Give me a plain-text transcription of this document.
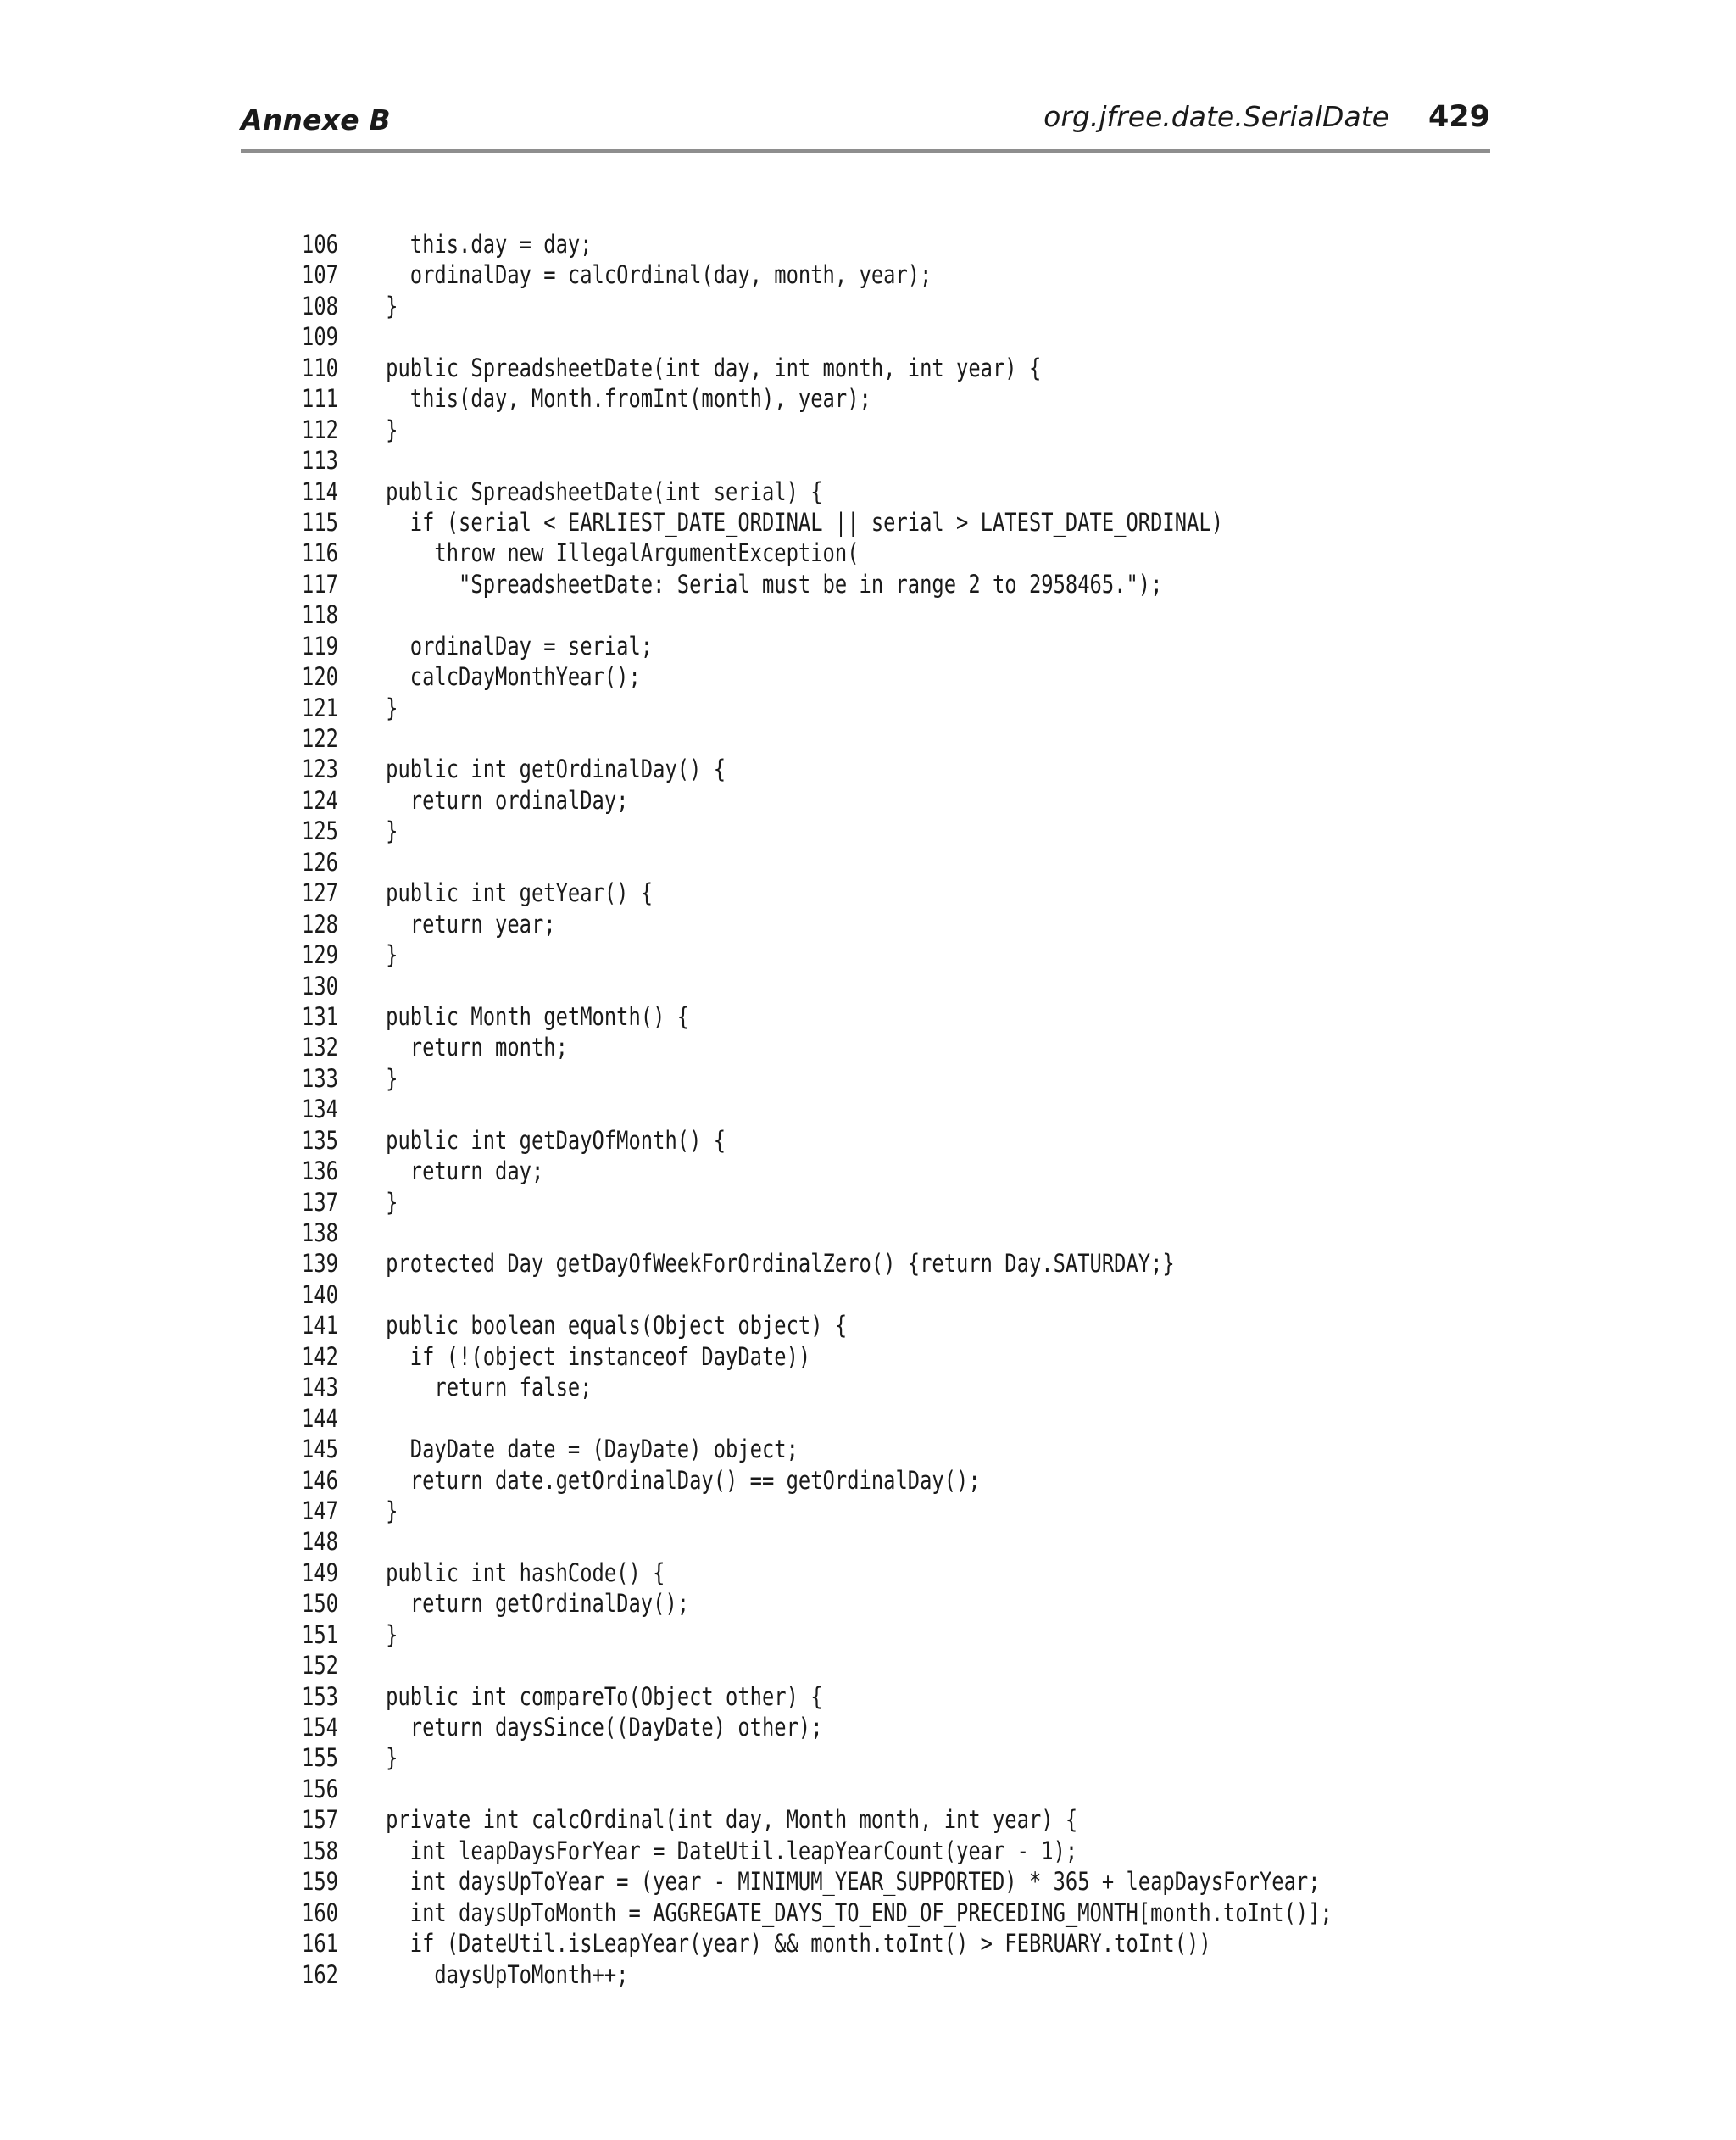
Annexe B	org.jfree.date.SerialDate 429
106    this.day = day;
107    ordinalDay = calcOrdinal(day, month, year);
108  }
109
110  public SpreadsheetDate(int day, int month, int year) {
111    this(day, Month.fromInt(month), year);
112  }
113
114  public SpreadsheetDate(int serial) {
115    if (serial < EARLIEST_DATE_ORDINAL || serial > LATEST_DATE_ORDINAL)
116      throw new IllegalArgumentException(
117        "SpreadsheetDate: Serial must be in range 2 to 2958465.");
118
119    ordinalDay = serial;
120    calcDayMonthYear();
121  }
122
123  public int getOrdinalDay() {
124    return ordinalDay;
125  }
126
127  public int getYear() {
128    return year;
129  }
130
131  public Month getMonth() {
132    return month;
133  }
134
135  public int getDayOfMonth() {
136    return day;
137  }
138
139  protected Day getDayOfWeekForOrdinalZero() {return Day.SATURDAY;}
140
141  public boolean equals(Object object) {
142    if (!(object instanceof DayDate))
143      return false;
144
145    DayDate date = (DayDate) object;
146    return date.getOrdinalDay() == getOrdinalDay();
147  }
148
149  public int hashCode() {
150    return getOrdinalDay();
151  }
152
153  public int compareTo(Object other) {
154    return daysSince((DayDate) other);
155  }
156
157  private int calcOrdinal(int day, Month month, int year) {
158    int leapDaysForYear = DateUtil.leapYearCount(year - 1);
159    int daysUpToYear = (year - MINIMUM_YEAR_SUPPORTED) * 365 + leapDaysForYear;
160    int daysUpToMonth = AGGREGATE_DAYS_TO_END_OF_PRECEDING_MONTH[month.toInt()];
161    if (DateUtil.isLeapYear(year) && month.toInt() > FEBRUARY.toInt())
162      daysUpToMonth++;
